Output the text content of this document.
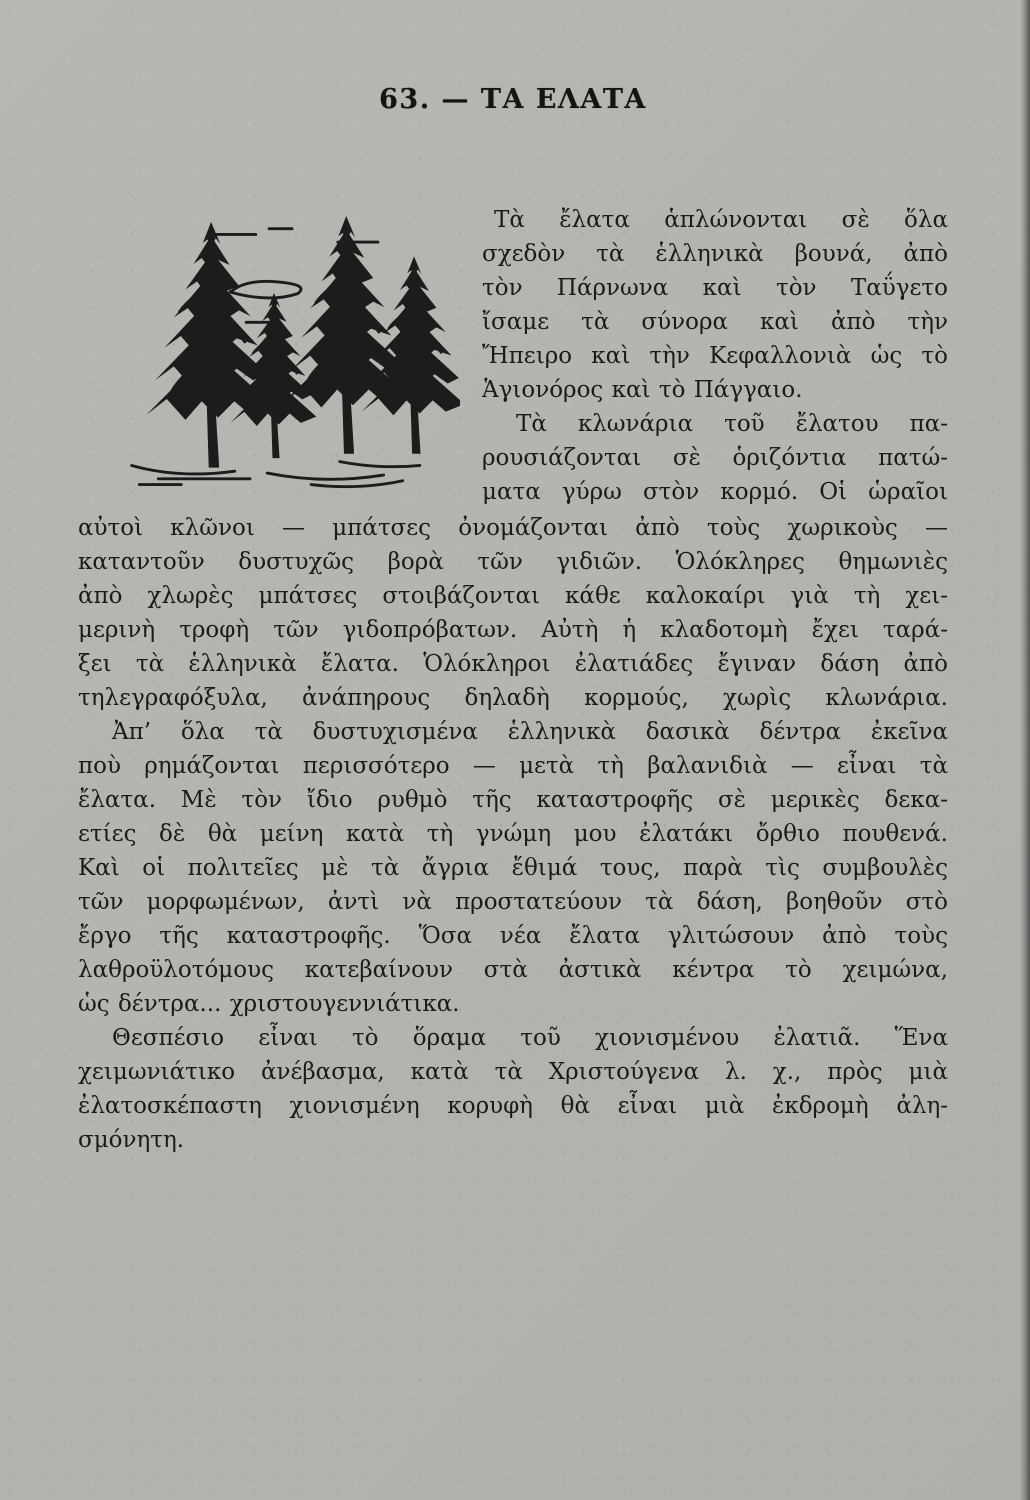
63. — ΤΑ ΕΛΑΤΑ
Τὰ ἔλατα ἁπλώνονται σὲ ὅλα
σχεδὸν τὰ ἑλληνικὰ βουνά, ἀπὸ
τὸν Πάρνωνα καὶ τὸν Ταΰγετο
ἴσαμε τὰ σύνορα καὶ ἀπὸ τὴν
Ἤπειρο καὶ τὴν Κεφαλλονιὰ ὡς τὸ
Ἁγιονόρος καὶ τὸ Πάγγαιο.
Τὰ κλωνάρια τοῦ ἔλατου πα-
ρουσιάζονται σὲ ὁριζόντια πατώ-
ματα γύρω στὸν κορμό. Οἱ ὡραῖοι
αὐτοὶ κλῶνοι — μπάτσες ὀνομάζονται ἀπὸ τοὺς χωρικοὺς —
καταντοῦν δυστυχῶς βορὰ τῶν γιδιῶν. Ὁλόκληρες θημωνιὲς
ἀπὸ χλωρὲς μπάτσες στοιβάζονται κάθε καλοκαίρι γιὰ τὴ χει-
μερινὴ τροφὴ τῶν γιδοπρόβατων. Αὐτὴ ἡ κλαδοτομὴ ἔχει ταρά-
ξει τὰ ἑλληνικὰ ἔλατα. Ὁλόκληροι ἐλατιάδες ἔγιναν δάση ἀπὸ
τηλεγραφόξυλα, ἀνάπηρους δηλαδὴ κορμούς, χωρὶς κλωνάρια.
Ἀπ’ ὅλα τὰ δυστυχισμένα ἑλληνικὰ δασικὰ δέντρα ἐκεῖνα
ποὺ ρημάζονται περισσότερο — μετὰ τὴ βαλανιδιὰ — εἶναι τὰ
ἔλατα. Μὲ τὸν ἴδιο ρυθμὸ τῆς καταστροφῆς σὲ μερικὲς δεκα-
ετίες δὲ θὰ μείνη κατὰ τὴ γνώμη μου ἐλατάκι ὄρθιο πουθενά.
Καὶ οἱ πολιτεῖες μὲ τὰ ἄγρια ἔθιμά τους, παρὰ τὶς συμβουλὲς
τῶν μορφωμένων, ἀντὶ νὰ προστατεύουν τὰ δάση, βοηθοῦν στὸ
ἔργο τῆς καταστροφῆς. Ὅσα νέα ἔλατα γλιτώσουν ἀπὸ τοὺς
λαθροϋλοτόμους κατεβαίνουν στὰ ἀστικὰ κέντρα τὸ χειμώνα,
ὡς δέντρα... χριστουγεννιάτικα.
Θεσπέσιο εἶναι τὸ ὅραμα τοῦ χιονισμένου ἐλατιᾶ. Ἕνα
χειμωνιάτικο ἀνέβασμα, κατὰ τὰ Χριστούγενα λ. χ., πρὸς μιὰ
ἐλατοσκέπαστη χιονισμένη κορυφὴ θὰ εἶναι μιὰ ἐκδρομὴ ἀλη-
σμόνητη.
